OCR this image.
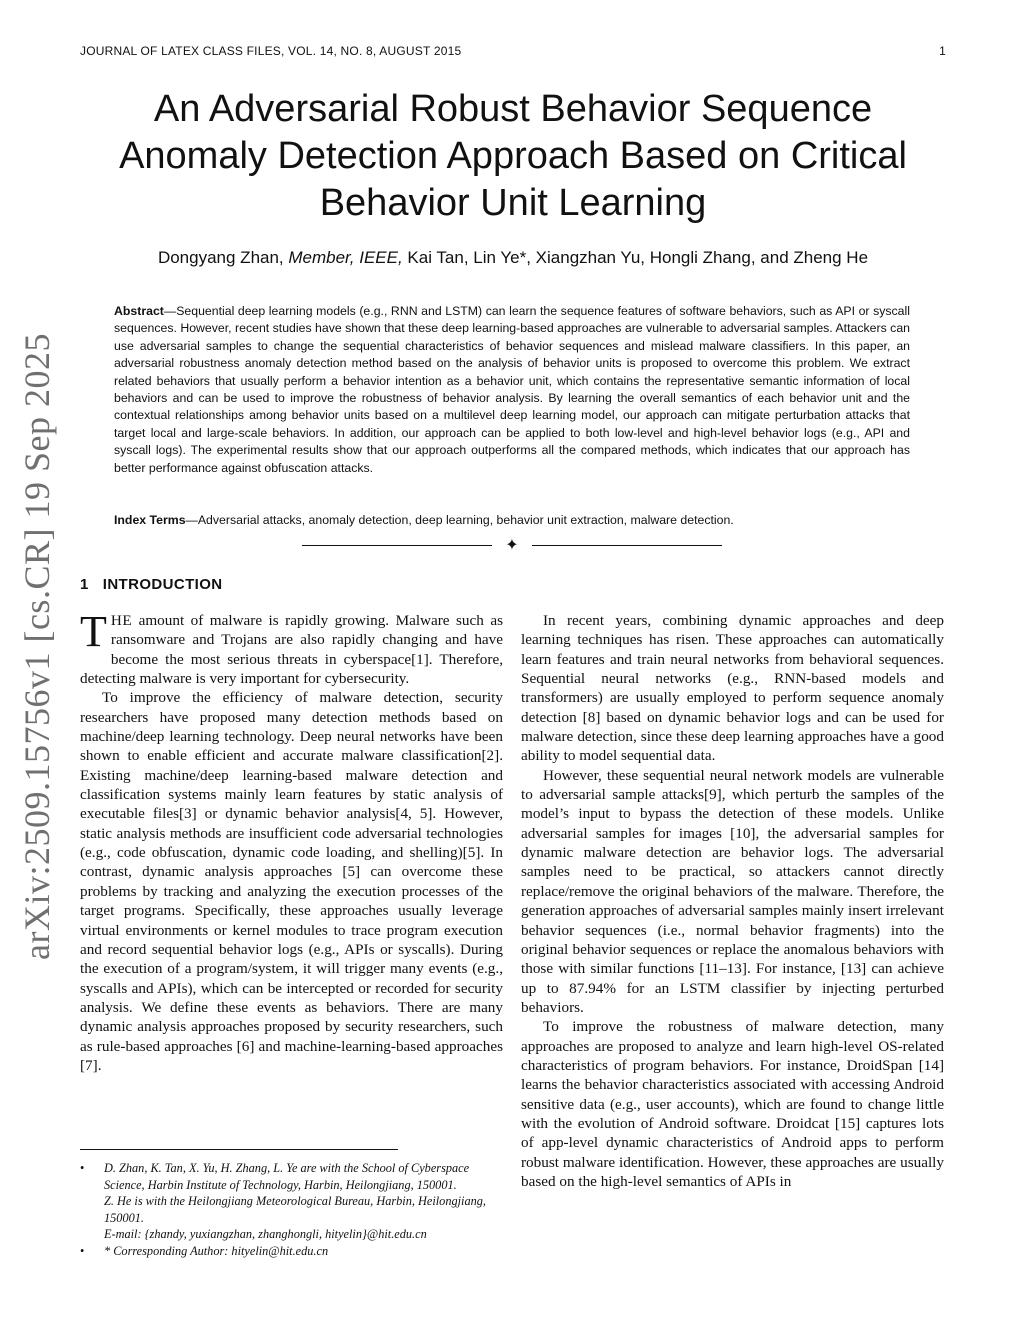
JOURNAL OF LATEX CLASS FILES, VOL. 14, NO. 8, AUGUST 2015	1
arXiv:2509.15756v1 [cs.CR] 19 Sep 2025
An Adversarial Robust Behavior Sequence Anomaly Detection Approach Based on Critical Behavior Unit Learning
Dongyang Zhan, Member, IEEE, Kai Tan, Lin Ye*, Xiangzhan Yu, Hongli Zhang, and Zheng He
Abstract—Sequential deep learning models (e.g., RNN and LSTM) can learn the sequence features of software behaviors, such as API or syscall sequences. However, recent studies have shown that these deep learning-based approaches are vulnerable to adversarial samples. Attackers can use adversarial samples to change the sequential characteristics of behavior sequences and mislead malware classifiers. In this paper, an adversarial robustness anomaly detection method based on the analysis of behavior units is proposed to overcome this problem. We extract related behaviors that usually perform a behavior intention as a behavior unit, which contains the representative semantic information of local behaviors and can be used to improve the robustness of behavior analysis. By learning the overall semantics of each behavior unit and the contextual relationships among behavior units based on a multilevel deep learning model, our approach can mitigate perturbation attacks that target local and large-scale behaviors. In addition, our approach can be applied to both low-level and high-level behavior logs (e.g., API and syscall logs). The experimental results show that our approach outperforms all the compared methods, which indicates that our approach has better performance against obfuscation attacks.
Index Terms—Adversarial attacks, anomaly detection, deep learning, behavior unit extraction, malware detection.
✦
1 INTRODUCTION

THE amount of malware is rapidly growing. Malware such as ransomware and Trojans are also rapidly changing and have become the most serious threats in cyberspace[1]. Therefore, detecting malware is very important for cybersecurity.

To improve the efficiency of malware detection, security researchers have proposed many detection methods based on machine/deep learning technology. Deep neural networks have been shown to enable efficient and accurate malware classification[2]. Existing machine/deep learning-based malware detection and classification systems mainly learn features by static analysis of executable files[3] or dynamic behavior analysis[4, 5]. However, static analysis methods are insufficient code adversarial technologies (e.g., code obfuscation, dynamic code loading, and shelling)[5]. In contrast, dynamic analysis approaches [5] can overcome these problems by tracking and analyzing the execution processes of the target programs. Specifically, these approaches usually leverage virtual environments or kernel modules to trace program execution and record sequential behavior logs (e.g., APIs or syscalls). During the execution of a program/system, it will trigger many events (e.g., syscalls and APIs), which can be intercepted or recorded for security analysis. We define these events as behaviors. There are many dynamic analysis approaches proposed by security researchers, such as rule-based approaches [6] and machine-learning-based approaches [7].

• D. Zhan, K. Tan, X. Yu, H. Zhang, L. Ye are with the School of Cyberspace Science, Harbin Institute of Technology, Harbin, Heilongjiang, 150001.
Z. He is with the Heilongjiang Meteorological Bureau, Harbin, Heilongjiang, 150001.
E-mail: {zhandy, yuxiangzhan, zhanghongli, hityelin}@hit.edu.cn
• * Corresponding Author: hityelin@hit.edu.cn

In recent years, combining dynamic approaches and deep learning techniques has risen. These approaches can automatically learn features and train neural networks from behavioral sequences. Sequential neural networks (e.g., RNN-based models and transformers) are usually employed to perform sequence anomaly detection [8] based on dynamic behavior logs and can be used for malware detection, since these deep learning approaches have a good ability to model sequential data.

However, these sequential neural network models are vulnerable to adversarial sample attacks[9], which perturb the samples of the model’s input to bypass the detection of these models. Unlike adversarial samples for images [10], the adversarial samples for dynamic malware detection are behavior logs. The adversarial samples need to be practical, so attackers cannot directly replace/remove the original behaviors of the malware. Therefore, the generation approaches of adversarial samples mainly insert irrelevant behavior sequences (i.e., normal behavior fragments) into the original behavior sequences or replace the anomalous behaviors with those with similar functions [11–13]. For instance, [13] can achieve up to 87.94% for an LSTM classifier by injecting perturbed behaviors.

To improve the robustness of malware detection, many approaches are proposed to analyze and learn high-level OS-related characteristics of program behaviors. For instance, DroidSpan [14] learns the behavior characteristics associated with accessing Android sensitive data (e.g., user accounts), which are found to change little with the evolution of Android software. Droidcat [15] captures lots of app-level dynamic characteristics of Android apps to perform robust malware identification. However, these approaches are usually based on the high-level semantics of APIs in
